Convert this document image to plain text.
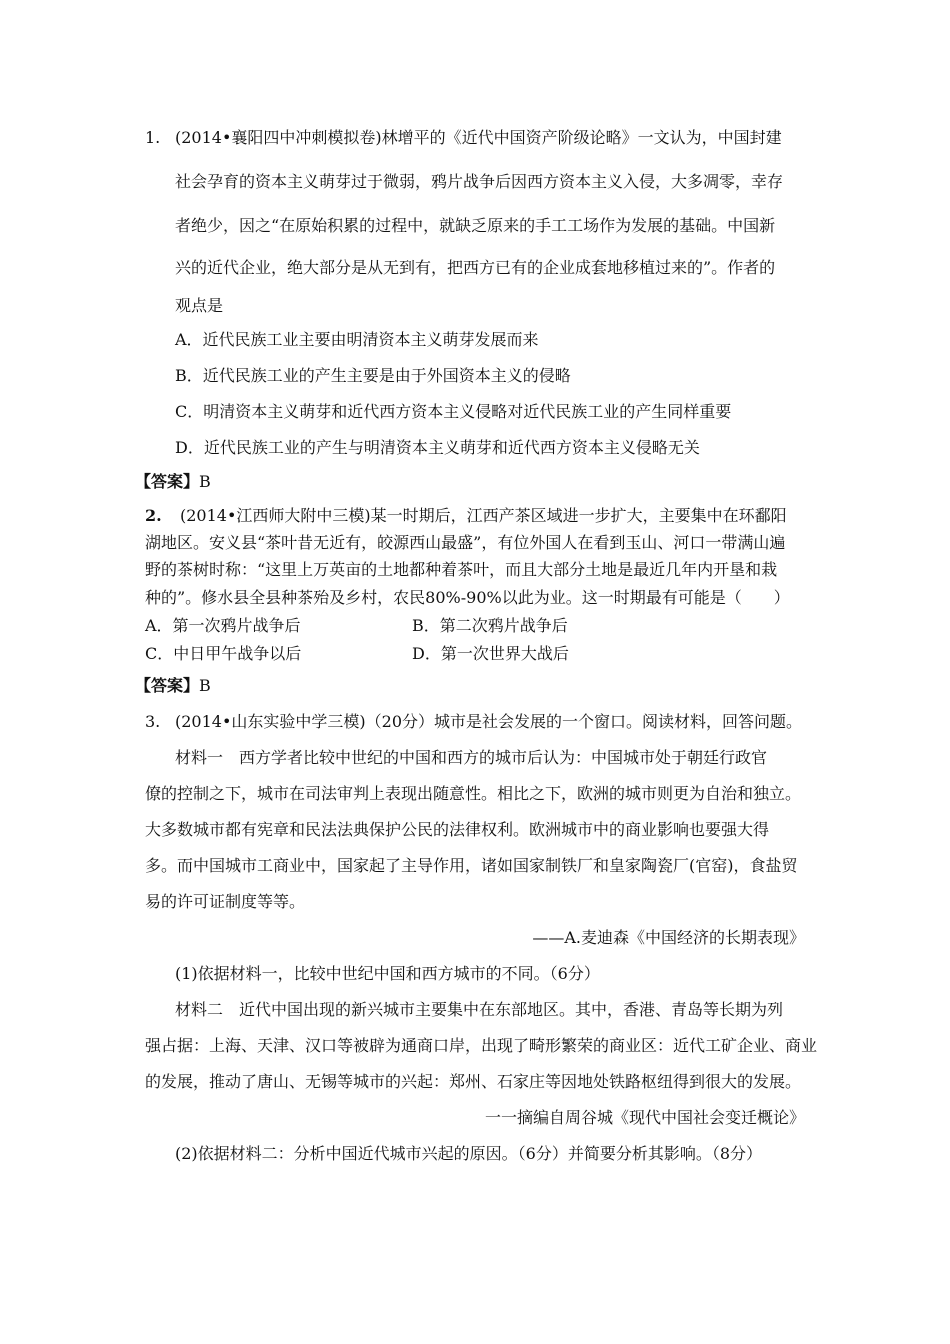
1. (2014•襄阳四中冲刺模拟卷)林增平的《近代中国资产阶级论略》一文认为，中国封建
社会孕育的资本主义萌芽过于微弱，鸦片战争后因西方资本主义入侵，大多凋零，幸存
者绝少，因之“在原始积累的过程中，就缺乏原来的手工工场作为发展的基础。中国新
兴的近代企业，绝大部分是从无到有，把西方已有的企业成套地移植过来的”。作者的
观点是
A．近代民族工业主要由明清资本主义萌芽发展而来
B．近代民族工业的产生主要是由于外国资本主义的侵略
C．明清资本主义萌芽和近代西方资本主义侵略对近代民族工业的产生同样重要
D．近代民族工业的产生与明清资本主义萌芽和近代西方资本主义侵略无关
【答案】B
2. (2014•江西师大附中三模)某一时期后，江西产茶区域进一步扩大，主要集中在环鄱阳
湖地区。安义县“茶叶昔无近有，皎源西山最盛”，有位外国人在看到玉山、河口一带满山遍
野的茶树时称：“这里上万英亩的土地都种着茶叶，而且大部分土地是最近几年内开垦和栽
种的”。修水县全县种茶殆及乡村，农民80%-90%以此为业。这一时期最有可能是（　　）
A．第一次鸦片战争后	B．第二次鸦片战争后
C．中日甲午战争以后	D．第一次世界大战后
【答案】B
3. (2014•山东实验中学三模)（20分）城市是社会发展的一个窗口。阅读材料，回答问题。
材料一　西方学者比较中世纪的中国和西方的城市后认为：中国城市处于朝廷行政官
僚的控制之下，城市在司法审判上表现出随意性。相比之下，欧洲的城市则更为自治和独立。
大多数城市都有宪章和民法法典保护公民的法律权利。欧洲城市中的商业影响也要强大得
多。而中国城市工商业中，国家起了主导作用，诸如国家制铁厂和皇家陶瓷厂(官窑)，食盐贸
易的许可证制度等等。
——A.麦迪森《中国经济的长期表现》
(1)依据材料一，比较中世纪中国和西方城市的不同。（6分）
材料二　近代中国出现的新兴城市主要集中在东部地区。其中，香港、青岛等长期为列
强占据：上海、天津、汉口等被辟为通商口岸，出现了畸形繁荣的商业区：近代工矿企业、商业
的发展，推动了唐山、无锡等城市的兴起：郑州、石家庄等因地处铁路枢纽得到很大的发展。
一一摘编自周谷城《现代中国社会变迁概论》
(2)依据材料二：分析中国近代城市兴起的原因。（6分）并简要分析其影响。（8分）
